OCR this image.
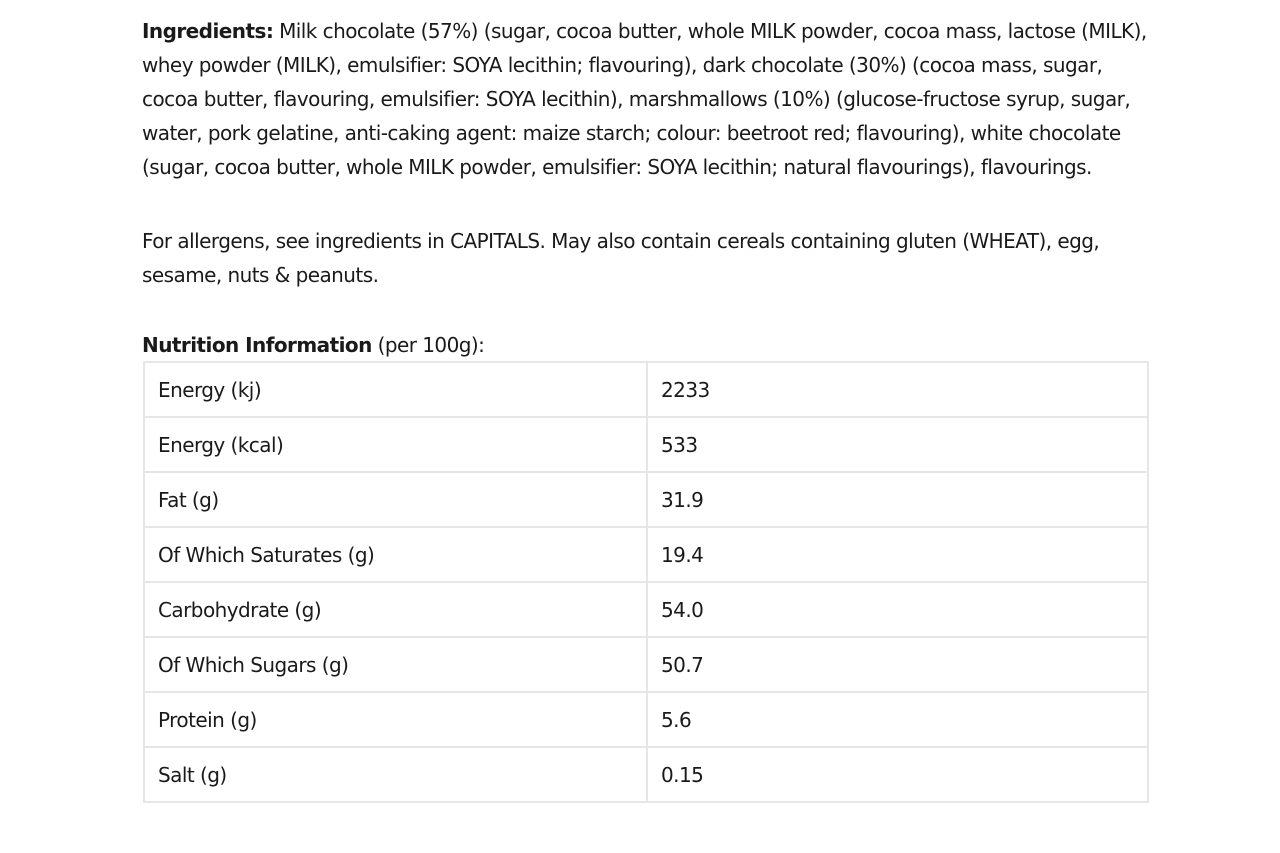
Ingredients: Milk chocolate (57%) (sugar, cocoa butter, whole MILK powder, cocoa mass, lactose (MILK), whey powder (MILK), emulsifier: SOYA lecithin; flavouring), dark chocolate (30%) (cocoa mass, sugar, cocoa butter, flavouring, emulsifier: SOYA lecithin), marshmallows (10%) (glucose-fructose syrup, sugar, water, pork gelatine, anti-caking agent: maize starch; colour: beetroot red; flavouring), white chocolate (sugar, cocoa butter, whole MILK powder, emulsifier: SOYA lecithin; natural flavourings), flavourings.

For allergens, see ingredients in CAPITALS. May also contain cereals containing gluten (WHEAT), egg, sesame, nuts & peanuts.

Nutrition Information (per 100g):
Energy (kj)	2233
Energy (kcal)	533
Fat (g)	31.9
Of Which Saturates (g)	19.4
Carbohydrate (g)	54.0
Of Which Sugars (g)	50.7
Protein (g)	5.6
Salt (g)	0.15
